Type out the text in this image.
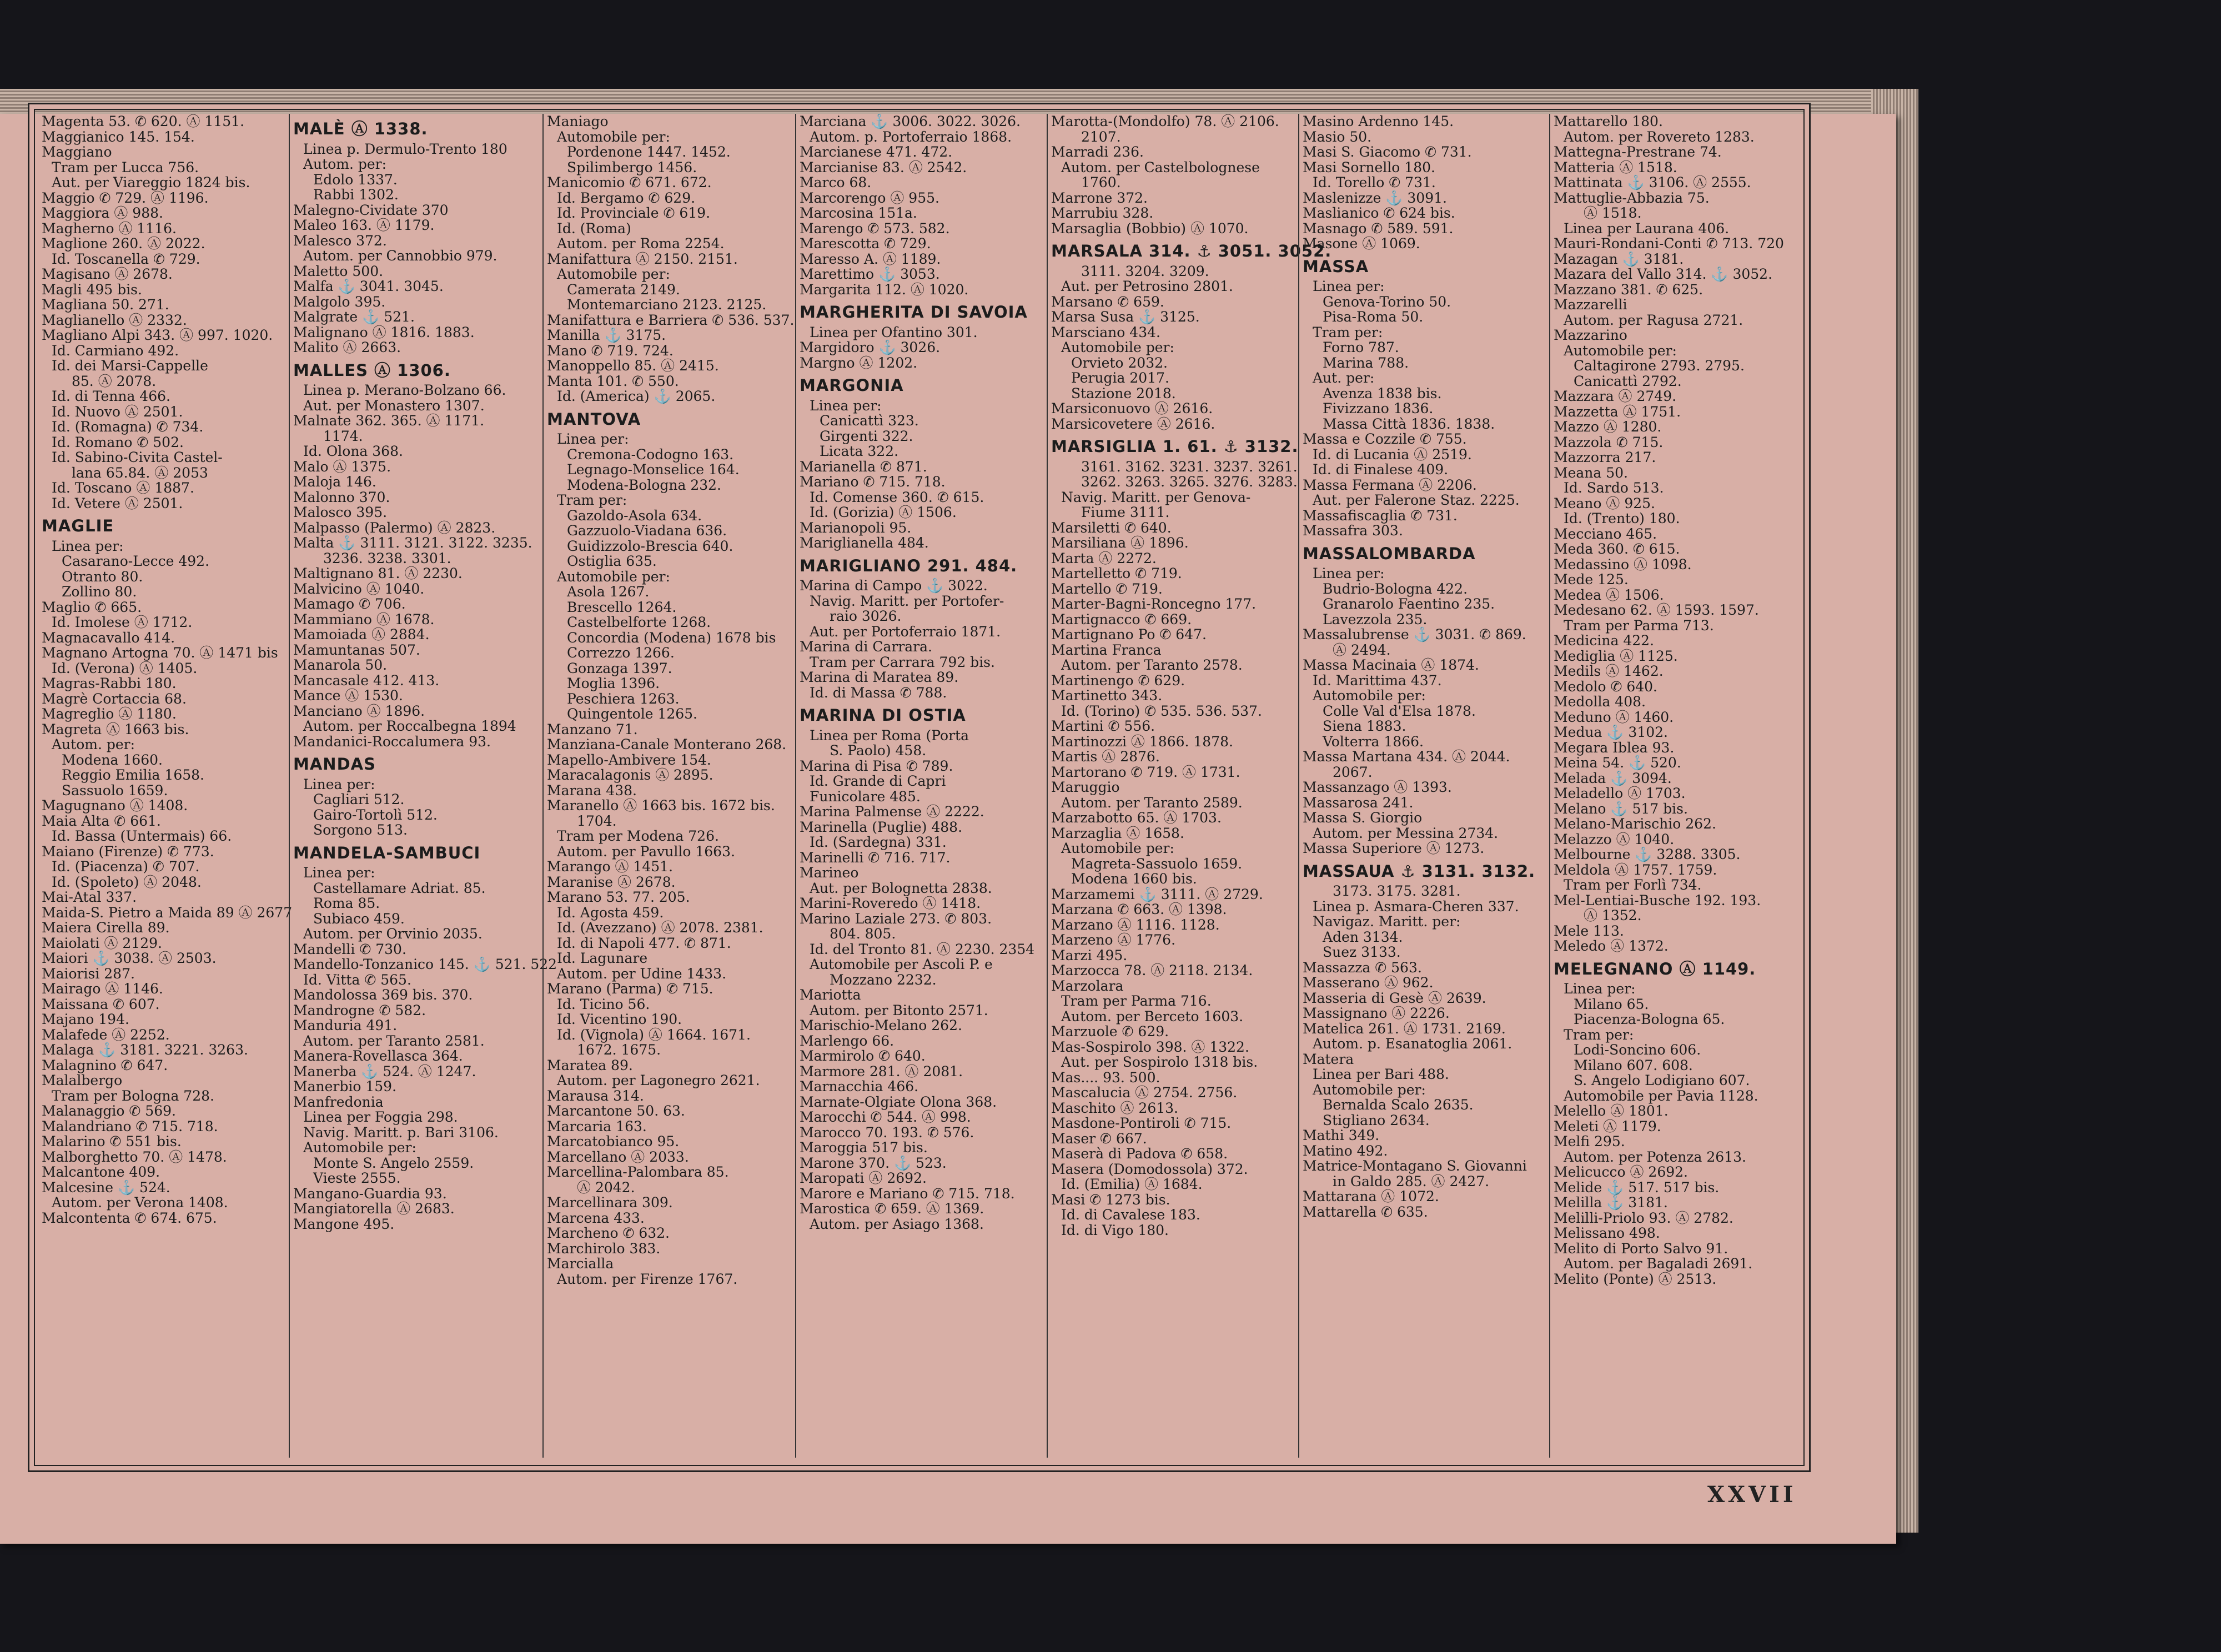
Magenta 53. ✆ 620. Ⓐ 1151.
Maggianico 145. 154.
Maggiano
Tram per Lucca 756.
Aut. per Viareggio 1824 bis.
Maggio ✆ 729. Ⓐ 1196.
Maggiora Ⓐ 988.
Magherno Ⓐ 1116.
Maglione 260. Ⓐ 2022.
Id. Toscanella ✆ 729.
Magisano Ⓐ 2678.
Magli 495 bis.
Magliana 50. 271.
Maglianello Ⓐ 2332.
Magliano Alpi 343. Ⓐ 997. 1020.
Id. Carmiano 492.
Id. dei Marsi-Cappelle
85. Ⓐ 2078.
Id. di Tenna 466.
Id. Nuovo Ⓐ 2501.
Id. (Romagna) ✆ 734.
Id. Romano ✆ 502.
Id. Sabino-Civita Castel-
lana 65.84. Ⓐ 2053
Id. Toscano Ⓐ 1887.
Id. Vetere Ⓐ 2501.
MAGLIE
Linea per:
Casarano-Lecce 492.
Otranto 80.
Zollino 80.
Maglio ✆ 665.
Id. Imolese Ⓐ 1712.
Magnacavallo 414.
Magnano Artogna 70. Ⓐ 1471 bis
Id. (Verona) Ⓐ 1405.
Magras-Rabbi 180.
Magrè Cortaccia 68.
Magreglio Ⓐ 1180.
Magreta Ⓐ 1663 bis.
Autom. per:
Modena 1660.
Reggio Emilia 1658.
Sassuolo 1659.
Magugnano Ⓐ 1408.
Maia Alta ✆ 661.
Id. Bassa (Untermais) 66.
Maiano (Firenze) ✆ 773.
Id. (Piacenza) ✆ 707.
Id. (Spoleto) Ⓐ 2048.
Mai-Atal 337.
Maida-S. Pietro a Maida 89 Ⓐ 2677
Maiera Cirella 89.
Maiolati Ⓐ 2129.
Maiori ⚓ 3038. Ⓐ 2503.
Maiorisi 287.
Mairago Ⓐ 1146.
Maissana ✆ 607.
Majano 194.
Malafede Ⓐ 2252.
Malaga ⚓ 3181. 3221. 3263.
Malagnino ✆ 647.
Malalbergo
Tram per Bologna 728.
Malanaggio ✆ 569.
Malandriano ✆ 715. 718.
Malarino ✆ 551 bis.
Malborghetto 70. Ⓐ 1478.
Malcantone 409.
Malcesine ⚓ 524.
Autom. per Verona 1408.
Malcontenta ✆ 674. 675.
MALÈ Ⓐ 1338.
Linea p. Dermulo-Trento 180
Autom. per:
Edolo 1337.
Rabbi 1302.
Malegno-Cividate 370
Maleo 163. Ⓐ 1179.
Malesco 372.
Autom. per Cannobbio 979.
Maletto 500.
Malfa ⚓ 3041. 3045.
Malgolo 395.
Malgrate ⚓ 521.
Malignano Ⓐ 1816. 1883.
Malito Ⓐ 2663.
MALLES Ⓐ 1306.
Linea p. Merano-Bolzano 66.
Aut. per Monastero 1307.
Malnate 362. 365. Ⓐ 1171.
1174.
Id. Olona 368.
Malo Ⓐ 1375.
Maloja 146.
Malonno 370.
Malosco 395.
Malpasso (Palermo) Ⓐ 2823.
Malta ⚓ 3111. 3121. 3122. 3235.
3236. 3238. 3301.
Maltignano 81. Ⓐ 2230.
Malvicino Ⓐ 1040.
Mamago ✆ 706.
Mammiano Ⓐ 1678.
Mamoiada Ⓐ 2884.
Mamuntanas 507.
Manarola 50.
Mancasale 412. 413.
Mance Ⓐ 1530.
Manciano Ⓐ 1896.
Autom. per Roccalbegna 1894
Mandanici-Roccalumera 93.
MANDAS
Linea per:
Cagliari 512.
Gairo-Tortolì 512.
Sorgono 513.
MANDELA-SAMBUCI
Linea per:
Castellamare Adriat. 85.
Roma 85.
Subiaco 459.
Autom. per Orvinio 2035.
Mandelli ✆ 730.
Mandello-Tonzanico 145. ⚓ 521. 522
Id. Vitta ✆ 565.
Mandolossa 369 bis. 370.
Mandrogne ✆ 582.
Manduria 491.
Autom. per Taranto 2581.
Manera-Rovellasca 364.
Manerba ⚓ 524. Ⓐ 1247.
Manerbio 159.
Manfredonia
Linea per Foggia 298.
Navig. Maritt. p. Bari 3106.
Automobile per:
Monte S. Angelo 2559.
Vieste 2555.
Mangano-Guardia 93.
Mangiatorella Ⓐ 2683.
Mangone 495.
Maniago
Automobile per:
Pordenone 1447. 1452.
Spilimbergo 1456.
Manicomio ✆ 671. 672.
Id. Bergamo ✆ 629.
Id. Provinciale ✆ 619.
Id. (Roma)
Autom. per Roma 2254.
Manifattura Ⓐ 2150. 2151.
Automobile per:
Camerata 2149.
Montemarciano 2123. 2125.
Manifattura e Barriera ✆ 536. 537.
Manilla ⚓ 3175.
Mano ✆ 719. 724.
Manoppello 85. Ⓐ 2415.
Manta 101. ✆ 550.
Id. (America) ⚓ 2065.
MANTOVA
Linea per:
Cremona-Codogno 163.
Legnago-Monselice 164.
Modena-Bologna 232.
Tram per:
Gazoldo-Asola 634.
Gazzuolo-Viadana 636.
Guidizzolo-Brescia 640.
Ostiglia 635.
Automobile per:
Asola 1267.
Brescello 1264.
Castelbelforte 1268.
Concordia (Modena) 1678 bis
Correzzo 1266.
Gonzaga 1397.
Moglia 1396.
Peschiera 1263.
Quingentole 1265.
Manzano 71.
Manziana-Canale Monterano 268.
Mapello-Ambivere 154.
Maracalagonis Ⓐ 2895.
Marana 438.
Maranello Ⓐ 1663 bis. 1672 bis.
1704.
Tram per Modena 726.
Autom. per Pavullo 1663.
Marango Ⓐ 1451.
Maranise Ⓐ 2678.
Marano 53. 77. 205.
Id. Agosta 459.
Id. (Avezzano) Ⓐ 2078. 2381.
Id. di Napoli 477. ✆ 871.
Id. Lagunare
Autom. per Udine 1433.
Marano (Parma) ✆ 715.
Id. Ticino 56.
Id. Vicentino 190.
Id. (Vignola) Ⓐ 1664. 1671.
1672. 1675.
Maratea 89.
Autom. per Lagonegro 2621.
Marausa 314.
Marcantone 50. 63.
Marcaria 163.
Marcatobianco 95.
Marcellano Ⓐ 2033.
Marcellina-Palombara 85.
Ⓐ 2042.
Marcellinara 309.
Marcena 433.
Marcheno ✆ 632.
Marchirolo 383.
Marcialla
Autom. per Firenze 1767.
Marciana ⚓ 3006. 3022. 3026.
Autom. p. Portoferraio 1868.
Marcianese 471. 472.
Marcianise 83. Ⓐ 2542.
Marco 68.
Marcorengo Ⓐ 955.
Marcosina 151a.
Marengo ✆ 573. 582.
Marescotta ✆ 729.
Maresso A. Ⓐ 1189.
Marettimo ⚓ 3053.
Margarita 112. Ⓐ 1020.
MARGHERITA DI SAVOIA
Linea per Ofantino 301.
Margidoro ⚓ 3026.
Margno Ⓐ 1202.
MARGONIA
Linea per:
Canicattì 323.
Girgenti 322.
Licata 322.
Marianella ✆ 871.
Mariano ✆ 715. 718.
Id. Comense 360. ✆ 615.
Id. (Gorizia) Ⓐ 1506.
Marianopoli 95.
Mariglianella 484.
MARIGLIANO 291. 484.
Marina di Campo ⚓ 3022.
Navig. Maritt. per Portofer-
raio 3026.
Aut. per Portoferraio 1871.
Marina di Carrara.
Tram per Carrara 792 bis.
Marina di Maratea 89.
Id. di Massa ✆ 788.
MARINA DI OSTIA
Linea per Roma (Porta
S. Paolo) 458.
Marina di Pisa ✆ 789.
Id. Grande di Capri
Funicolare 485.
Marina Palmense Ⓐ 2222.
Marinella (Puglie) 488.
Id. (Sardegna) 331.
Marinelli ✆ 716. 717.
Marineo
Aut. per Bolognetta 2838.
Marini-Roveredo Ⓐ 1418.
Marino Laziale 273. ✆ 803.
804. 805.
Id. del Tronto 81. Ⓐ 2230. 2354
Automobile per Ascoli P. e
Mozzano 2232.
Mariotta
Autom. per Bitonto 2571.
Marischio-Melano 262.
Marlengo 66.
Marmirolo ✆ 640.
Marmore 281. Ⓐ 2081.
Marnacchia 466.
Marnate-Olgiate Olona 368.
Marocchi ✆ 544. Ⓐ 998.
Marocco 70. 193. ✆ 576.
Maroggia 517 bis.
Marone 370. ⚓ 523.
Maropati Ⓐ 2692.
Marore e Mariano ✆ 715. 718.
Marostica ✆ 659. Ⓐ 1369.
Autom. per Asiago 1368.
Marotta-(Mondolfo) 78. Ⓐ 2106.
2107.
Marradi 236.
Autom. per Castelbolognese
1760.
Marrone 372.
Marrubiu 328.
Marsaglia (Bobbio) Ⓐ 1070.
MARSALA 314. ⚓ 3051. 3052.
3111. 3204. 3209.
Aut. per Petrosino 2801.
Marsano ✆ 659.
Marsa Susa ⚓ 3125.
Marsciano 434.
Automobile per:
Orvieto 2032.
Perugia 2017.
Stazione 2018.
Marsiconuovo Ⓐ 2616.
Marsicovetere Ⓐ 2616.
MARSIGLIA 1. 61. ⚓ 3132.
3161. 3162. 3231. 3237. 3261.
3262. 3263. 3265. 3276. 3283.
Navig. Maritt. per Genova-
Fiume 3111.
Marsiletti ✆ 640.
Marsiliana Ⓐ 1896.
Marta Ⓐ 2272.
Martelletto ✆ 719.
Martello ✆ 719.
Marter-Bagni-Roncegno 177.
Martignacco ✆ 669.
Martignano Po ✆ 647.
Martina Franca
Autom. per Taranto 2578.
Martinengo ✆ 629.
Martinetto 343.
Id. (Torino) ✆ 535. 536. 537.
Martini ✆ 556.
Martinozzi Ⓐ 1866. 1878.
Martis Ⓐ 2876.
Martorano ✆ 719. Ⓐ 1731.
Maruggio
Autom. per Taranto 2589.
Marzabotto 65. Ⓐ 1703.
Marzaglia Ⓐ 1658.
Automobile per:
Magreta-Sassuolo 1659.
Modena 1660 bis.
Marzamemi ⚓ 3111. Ⓐ 2729.
Marzana ✆ 663. Ⓐ 1398.
Marzano Ⓐ 1116. 1128.
Marzeno Ⓐ 1776.
Marzi 495.
Marzocca 78. Ⓐ 2118. 2134.
Marzolara
Tram per Parma 716.
Autom. per Berceto 1603.
Marzuole ✆ 629.
Mas-Sospirolo 398. Ⓐ 1322.
Aut. per Sospirolo 1318 bis.
Mas.... 93. 500.
Mascalucia Ⓐ 2754. 2756.
Maschito Ⓐ 2613.
Masdone-Pontiroli ✆ 715.
Maser ✆ 667.
Maserà di Padova ✆ 658.
Masera (Domodossola) 372.
Id. (Emilia) Ⓐ 1684.
Masi ✆ 1273 bis.
Id. di Cavalese 183.
Id. di Vigo 180.
Masino Ardenno 145.
Masio 50.
Masi S. Giacomo ✆ 731.
Masi Sornello 180.
Id. Torello ✆ 731.
Maslenizze ⚓ 3091.
Maslianico ✆ 624 bis.
Masnago ✆ 589. 591.
Masone Ⓐ 1069.
MASSA
Linea per:
Genova-Torino 50.
Pisa-Roma 50.
Tram per:
Forno 787.
Marina 788.
Aut. per:
Avenza 1838 bis.
Fivizzano 1836.
Massa Città 1836. 1838.
Massa e Cozzile ✆ 755.
Id. di Lucania Ⓐ 2519.
Id. di Finalese 409.
Massa Fermana Ⓐ 2206.
Aut. per Falerone Staz. 2225.
Massafiscaglia ✆ 731.
Massafra 303.
MASSALOMBARDA
Linea per:
Budrio-Bologna 422.
Granarolo Faentino 235.
Lavezzola 235.
Massalubrense ⚓ 3031. ✆ 869.
Ⓐ 2494.
Massa Macinaia Ⓐ 1874.
Id. Marittima 437.
Automobile per:
Colle Val d'Elsa 1878.
Siena 1883.
Volterra 1866.
Massa Martana 434. Ⓐ 2044.
2067.
Massanzago Ⓐ 1393.
Massarosa 241.
Massa S. Giorgio
Autom. per Messina 2734.
Massa Superiore Ⓐ 1273.
MASSAUA ⚓ 3131. 3132.
3173. 3175. 3281.
Linea p. Asmara-Cheren 337.
Navigaz. Maritt. per:
Aden 3134.
Suez 3133.
Massazza ✆ 563.
Masserano Ⓐ 962.
Masseria di Gesè Ⓐ 2639.
Massignano Ⓐ 2226.
Matelica 261. Ⓐ 1731. 2169.
Autom. p. Esanatoglia 2061.
Matera
Linea per Bari 488.
Automobile per:
Bernalda Scalo 2635.
Stigliano 2634.
Mathi 349.
Matino 492.
Matrice-Montagano S. Giovanni
in Galdo 285. Ⓐ 2427.
Mattarana Ⓐ 1072.
Mattarella ✆ 635.
Mattarello 180.
Autom. per Rovereto 1283.
Mattegna-Prestrane 74.
Matteria Ⓐ 1518.
Mattinata ⚓ 3106. Ⓐ 2555.
Mattuglie-Abbazia 75.
Ⓐ 1518.
Linea per Laurana 406.
Mauri-Rondani-Conti ✆ 713. 720
Mazagan ⚓ 3181.
Mazara del Vallo 314. ⚓ 3052.
Mazzano 381. ✆ 625.
Mazzarelli
Autom. per Ragusa 2721.
Mazzarino
Automobile per:
Caltagirone 2793. 2795.
Canicattì 2792.
Mazzara Ⓐ 2749.
Mazzetta Ⓐ 1751.
Mazzo Ⓐ 1280.
Mazzola ✆ 715.
Mazzorra 217.
Meana 50.
Id. Sardo 513.
Meano Ⓐ 925.
Id. (Trento) 180.
Mecciano 465.
Meda 360. ✆ 615.
Medassino Ⓐ 1098.
Mede 125.
Medea Ⓐ 1506.
Medesano 62. Ⓐ 1593. 1597.
Tram per Parma 713.
Medicina 422.
Mediglia Ⓐ 1125.
Medils Ⓐ 1462.
Medolo ✆ 640.
Medolla 408.
Meduno Ⓐ 1460.
Medua ⚓ 3102.
Megara Iblea 93.
Meina 54. ⚓ 520.
Melada ⚓ 3094.
Meladello Ⓐ 1703.
Melano ⚓ 517 bis.
Melano-Marischio 262.
Melazzo Ⓐ 1040.
Melbourne ⚓ 3288. 3305.
Meldola Ⓐ 1757. 1759.
Tram per Forlì 734.
Mel-Lentiai-Busche 192. 193.
Ⓐ 1352.
Mele 113.
Meledo Ⓐ 1372.
MELEGNANO Ⓐ 1149.
Linea per:
Milano 65.
Piacenza-Bologna 65.
Tram per:
Lodi-Soncino 606.
Milano 607. 608.
S. Angelo Lodigiano 607.
Automobile per Pavia 1128.
Melello Ⓐ 1801.
Meleti Ⓐ 1179.
Melfi 295.
Autom. per Potenza 2613.
Melicucco Ⓐ 2692.
Melide ⚓ 517. 517 bis.
Melilla ⚓ 3181.
Melilli-Priolo 93. Ⓐ 2782.
Melissano 498.
Melito di Porto Salvo 91.
Autom. per Bagaladi 2691.
Melito (Ponte) Ⓐ 2513.
XXVII
